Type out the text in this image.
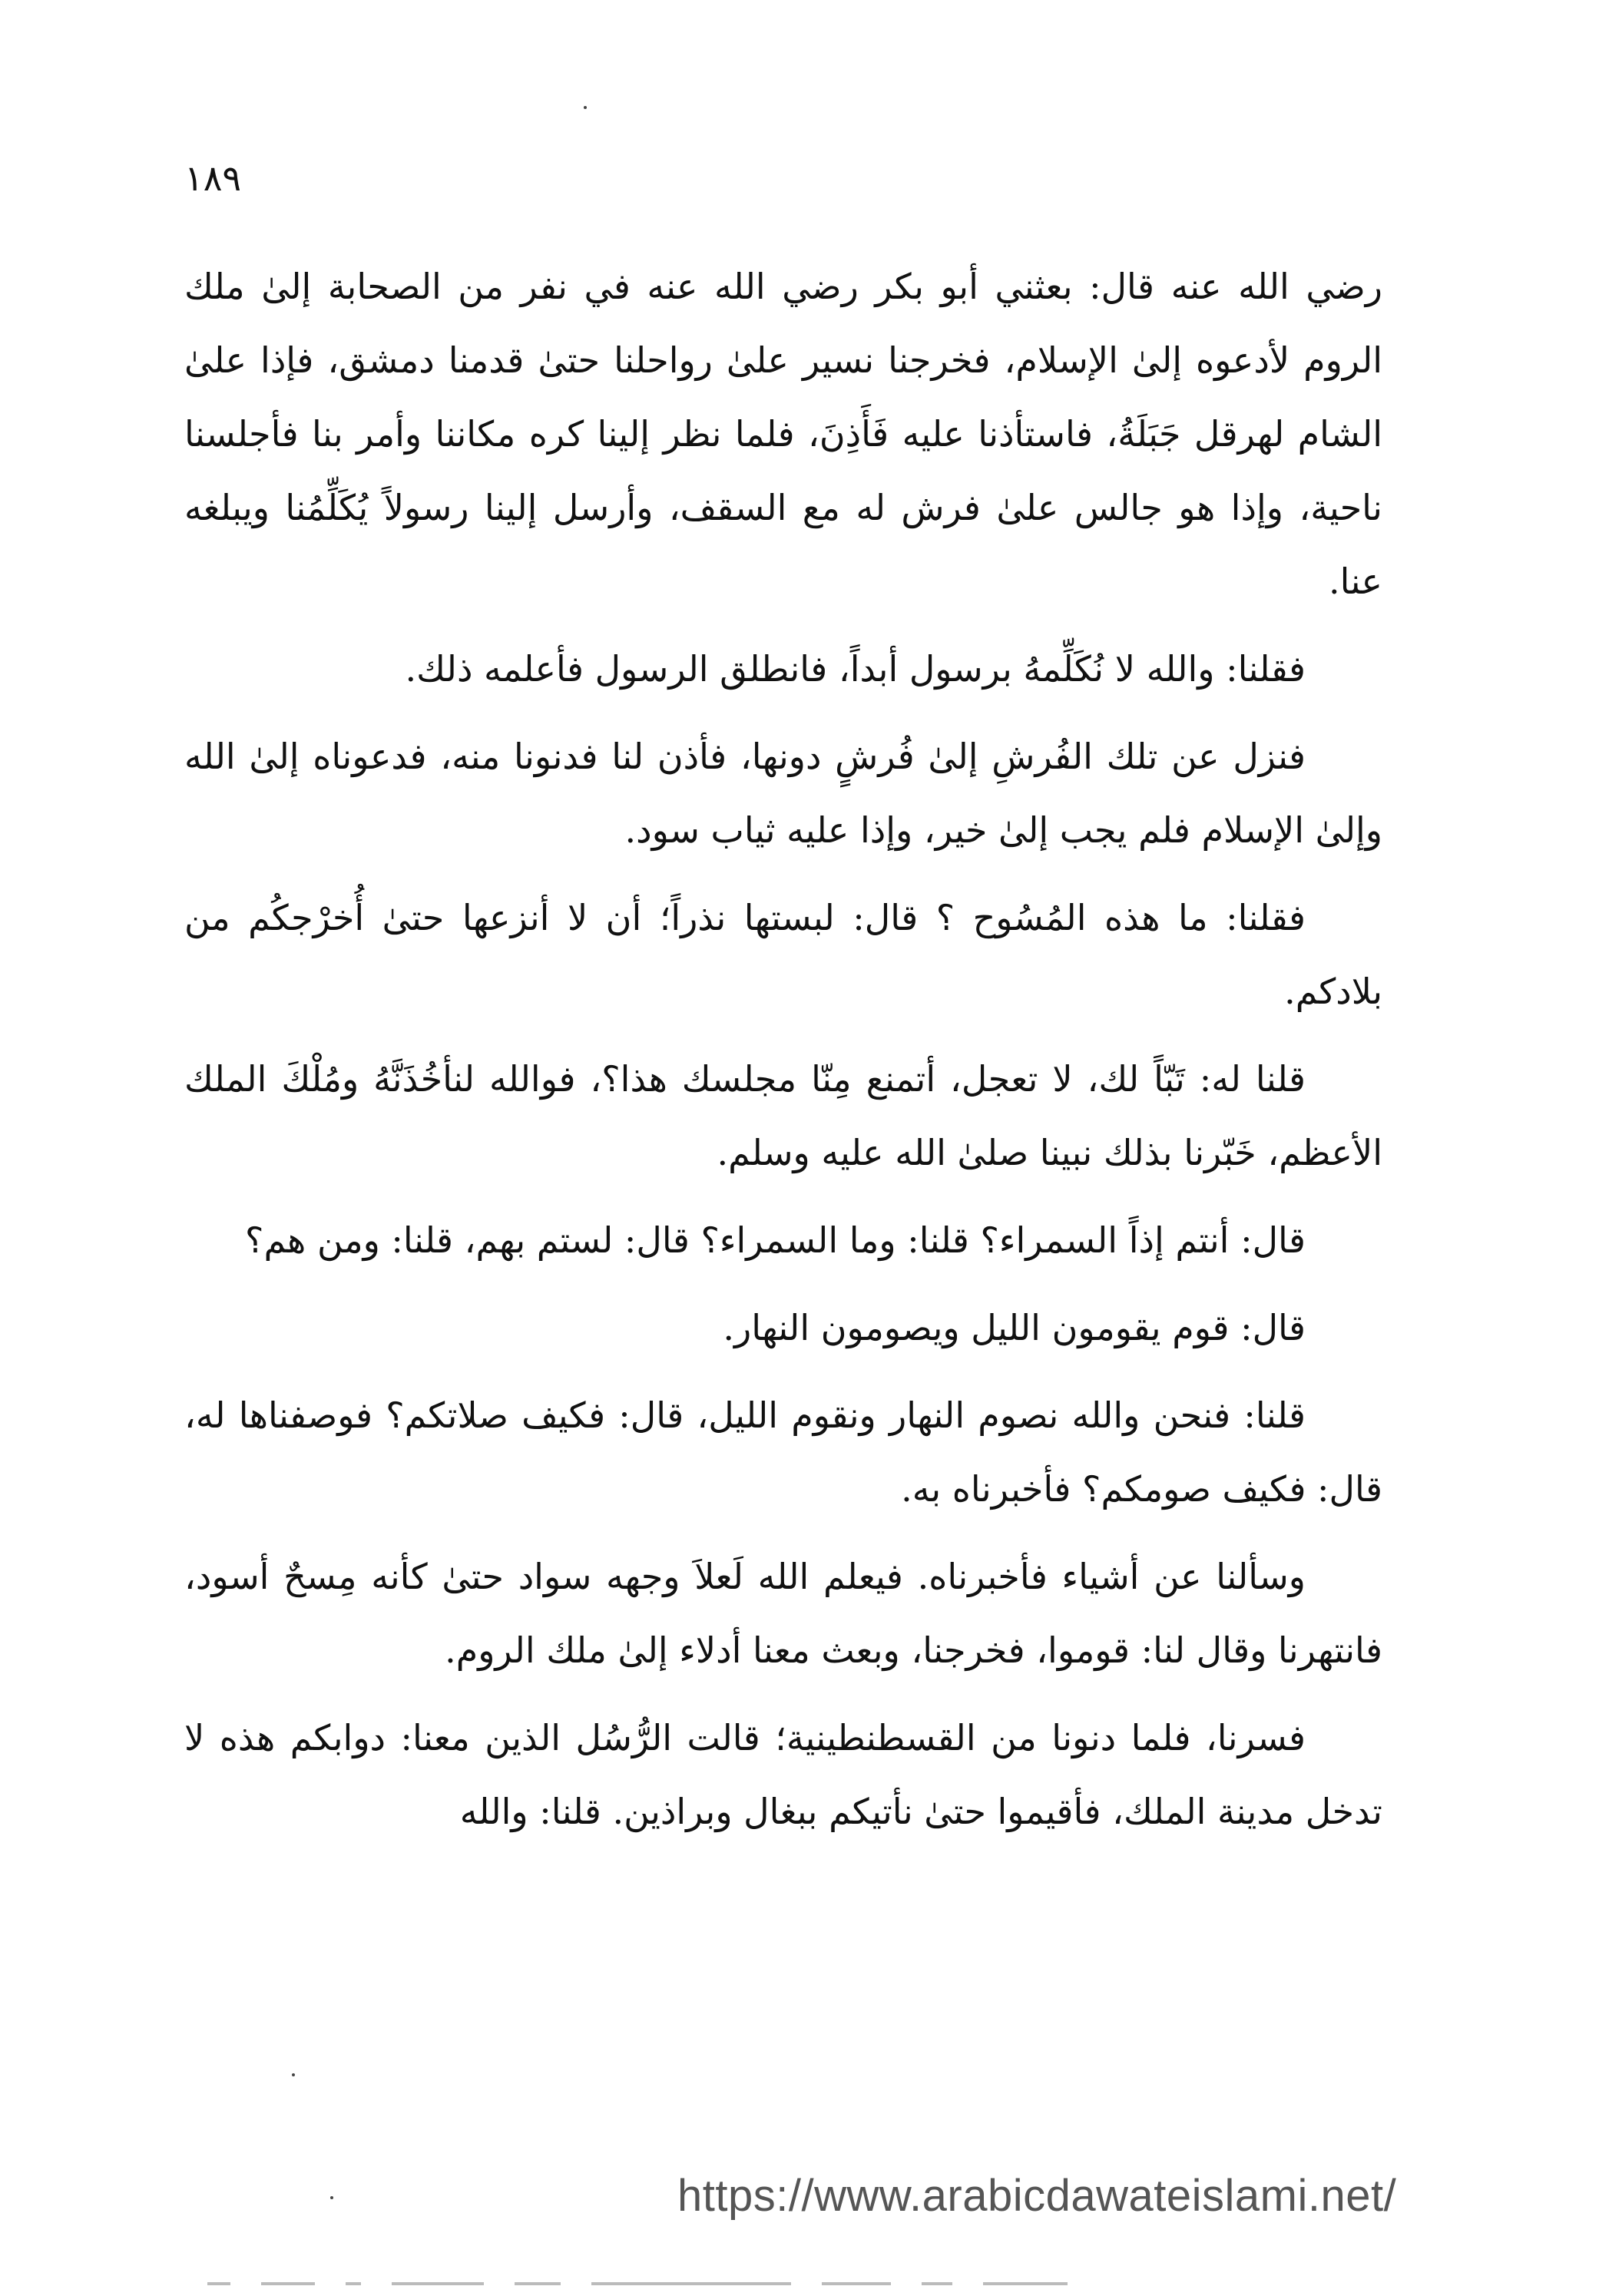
١٨٩

رضي الله عنه قال: بعثني أبو بكر رضي الله عنه في نفر من الصحابة إلىٰ ملك الروم لأدعوه إلىٰ الإسلام، فخرجنا نسير علىٰ رواحلنا حتىٰ قدمنا دمشق، فإذا علىٰ الشام لهرقل جَبَلَةُ، فاستأذنا عليه فَأَذِنَ، فلما نظر إلينا كره مكاننا وأمر بنا فأجلسنا ناحية، وإذا هو جالس علىٰ فرش له مع السقف، وأرسل إلينا رسولاً يُكَلِّمُنا ويبلغه عنا.

فقلنا: والله لا نُكَلِّمهُ برسول أبداً، فانطلق الرسول فأعلمه ذلك.

فنزل عن تلك الفُرشِ إلىٰ فُرشٍ دونها، فأذن لنا فدنونا منه، فدعوناه إلىٰ الله وإلىٰ الإسلام فلم يجب إلىٰ خير، وإذا عليه ثياب سود.

فقلنا: ما هذه المُسُوح ؟ قال: لبستها نذراً؛ أن لا أنزعها حتىٰ أُخرْجكُم من بلادكم.

قلنا له: تَبّاً لك، لا تعجل، أتمنع مِنّا مجلسك هذا؟، فوالله لنأخُذَنَّهُ ومُلْكَ الملك الأعظم، خَبّرنا بذلك نبينا صلىٰ الله عليه وسلم.

قال: أنتم إذاً السمراء؟ قلنا: وما السمراء؟ قال: لستم بهم، قلنا: ومن هم؟

قال: قوم يقومون الليل ويصومون النهار.

قلنا: فنحن والله نصوم النهار ونقوم الليل، قال: فكيف صلاتكم؟ فوصفناها له، قال: فكيف صومكم؟ فأخبرناه به.

وسألنا عن أشياء فأخبرناه. فيعلم الله لَعلاَ وجهه سواد حتىٰ كأنه مِسحٌ أسود، فانتهرنا وقال لنا: قوموا، فخرجنا، وبعث معنا أدلاء إلىٰ ملك الروم.

فسرنا، فلما دنونا من القسطنطينية؛ قالت الرُّسُل الذين معنا: دوابكم هذه لا تدخل مدينة الملك، فأقيموا حتىٰ نأتيكم ببغال وبراذين. قلنا: والله

https://www.arabicdawateislami.net/
